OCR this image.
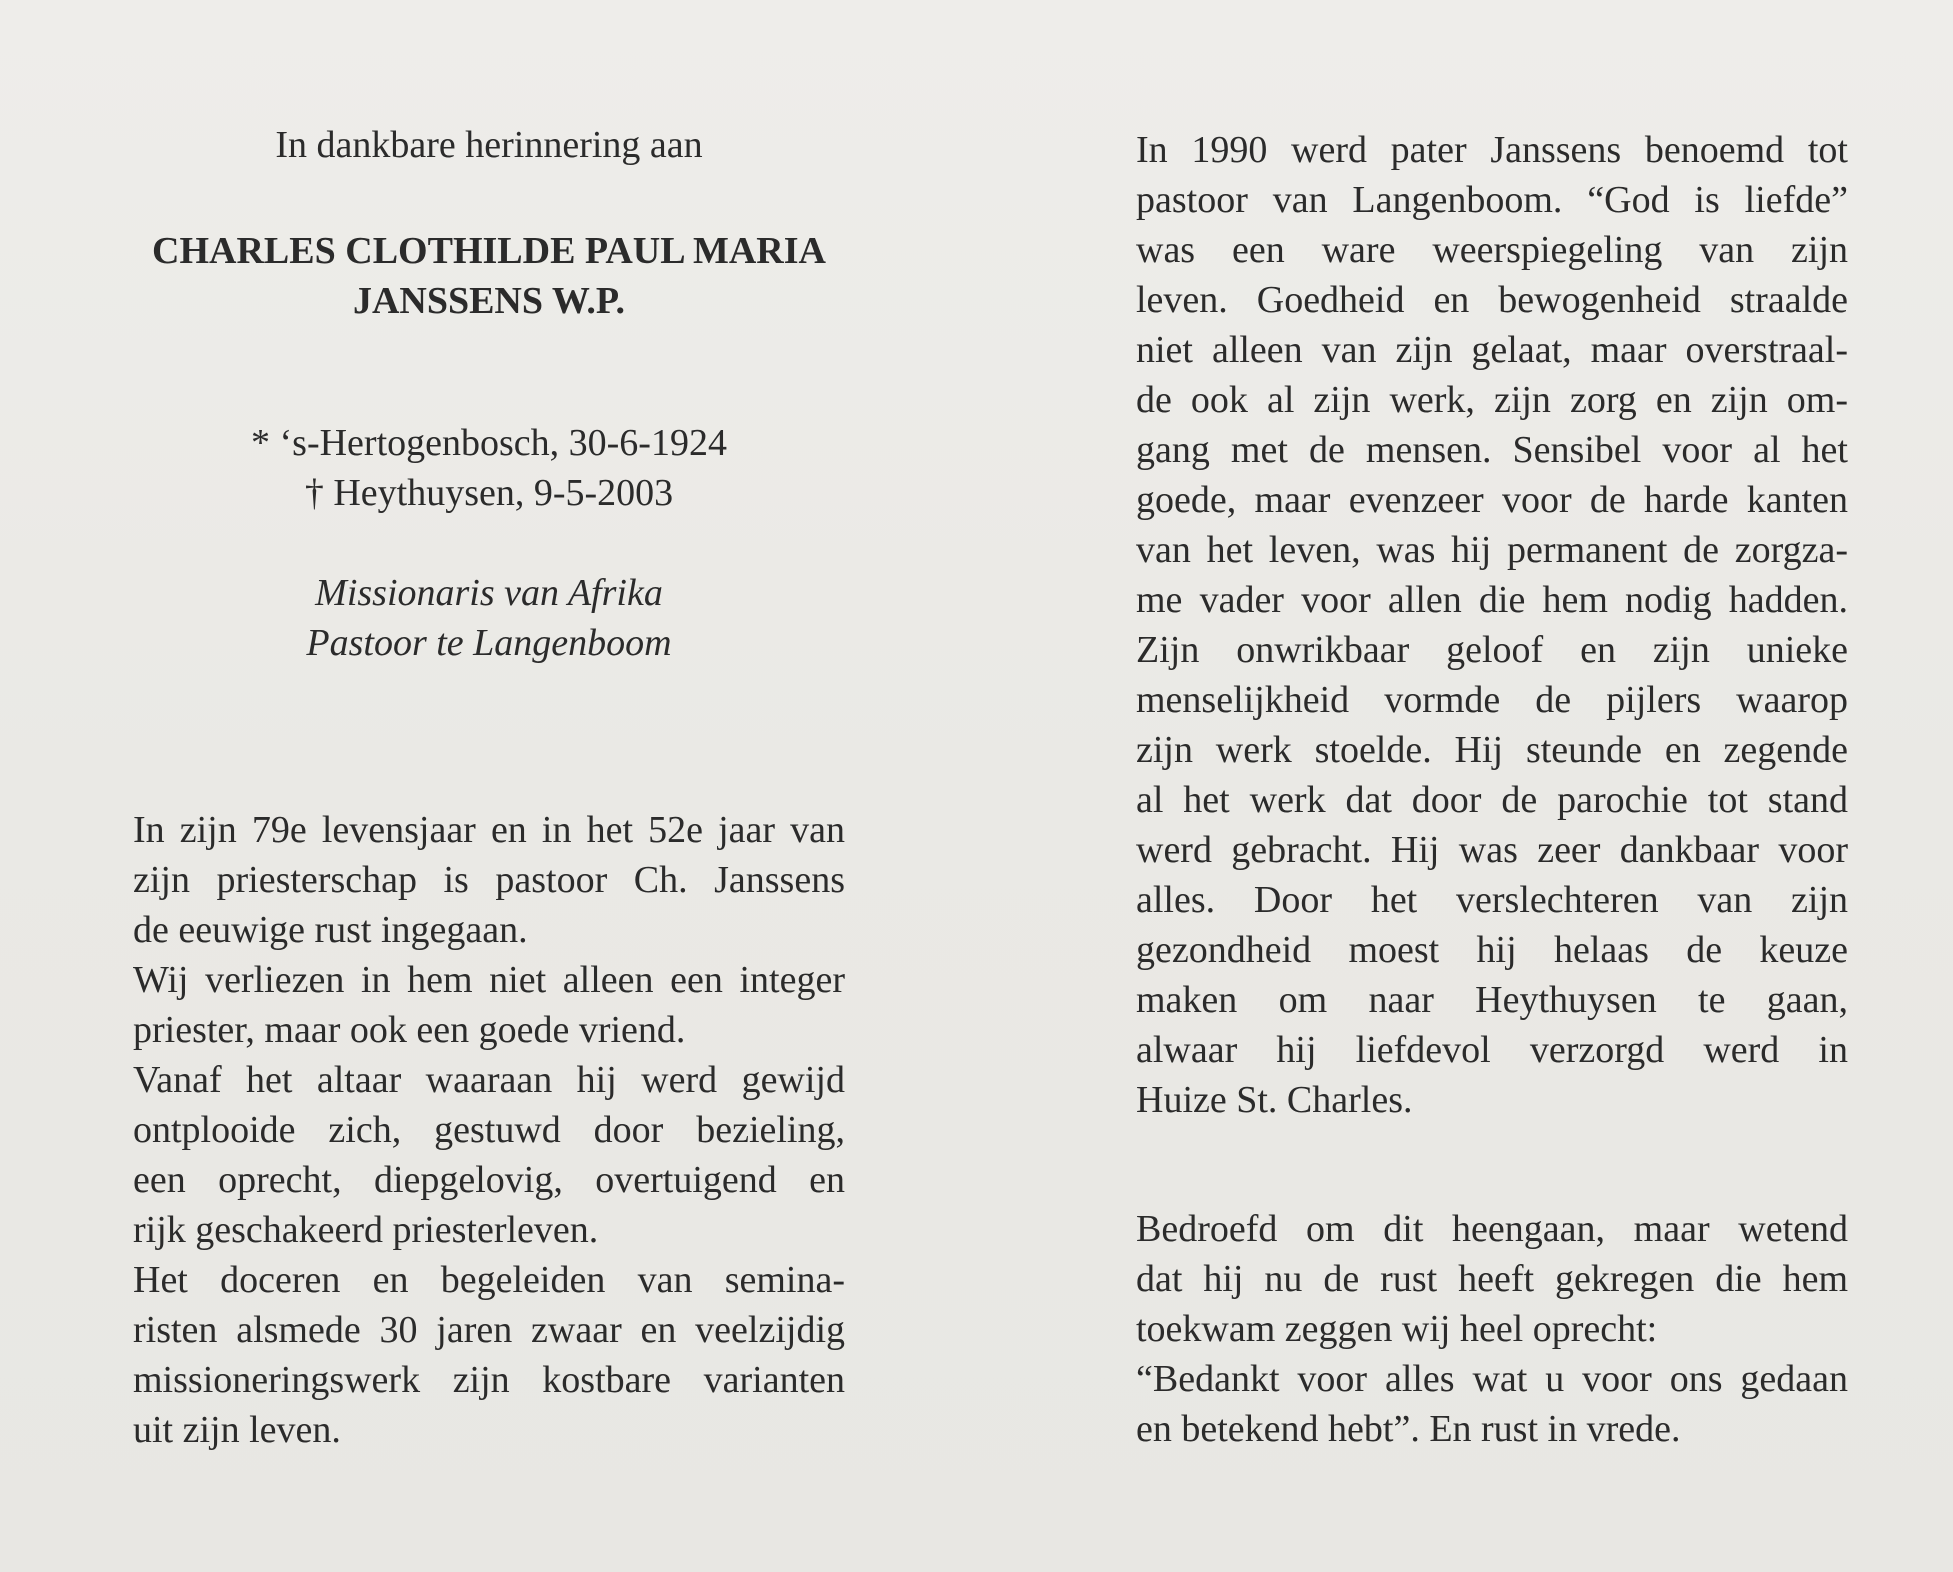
In dankbare herinnering aan

CHARLES CLOTHILDE PAUL MARIA

JANSSENS W.P.

* ‘s-Hertogenbosch, 30-6-1924
† Heythuysen, 9-5-2003
Missionaris van Afrika
Pastoor te Langenboom
In zijn 79e levensjaar en in het 52e jaar van
zijn priesterschap is pastoor Ch. Janssens
de eeuwige rust ingegaan.
Wij verliezen in hem niet alleen een integer
priester, maar ook een goede vriend.
Vanaf het altaar waaraan hij werd gewijd
ontplooide zich, gestuwd door bezieling,
een oprecht, diepgelovig, overtuigend en
rijk geschakeerd priesterleven.
Het doceren en begeleiden van semina-
risten alsmede 30 jaren zwaar en veelzijdig
missioneringswerk zijn kostbare varianten
uit zijn leven.
In 1990 werd pater Janssens benoemd tot
pastoor van Langenboom. “God is liefde”
was een ware weerspiegeling van zijn
leven. Goedheid en bewogenheid straalde
niet alleen van zijn gelaat, maar overstraal-
de ook al zijn werk, zijn zorg en zijn om-
gang met de mensen. Sensibel voor al het
goede, maar evenzeer voor de harde kanten
van het leven, was hij permanent de zorgza-
me vader voor allen die hem nodig hadden.
Zijn onwrikbaar geloof en zijn unieke
menselijkheid vormde de pijlers waarop
zijn werk stoelde. Hij steunde en zegende
al het werk dat door de parochie tot stand
werd gebracht. Hij was zeer dankbaar voor
alles. Door het verslechteren van zijn
gezondheid moest hij helaas de keuze
maken om naar Heythuysen te gaan,
alwaar hij liefdevol verzorgd werd in
Huize St. Charles.
Bedroefd om dit heengaan, maar wetend
dat hij nu de rust heeft gekregen die hem
toekwam zeggen wij heel oprecht:
“Bedankt voor alles wat u voor ons gedaan
en betekend hebt”. En rust in vrede.
